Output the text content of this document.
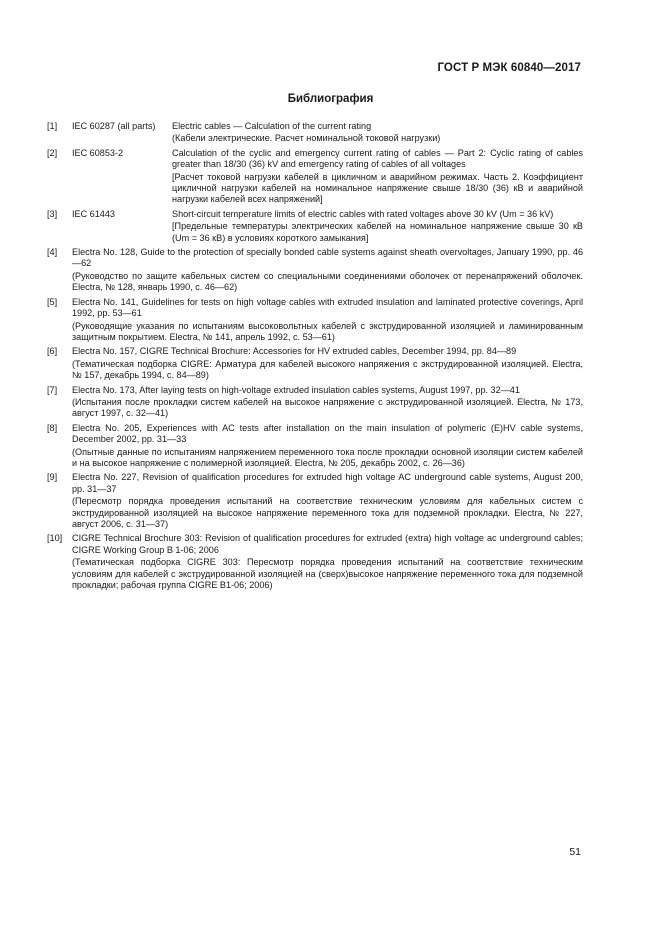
ГОСТ Р МЭК 60840—2017
Библиография
[1]	IEC 60287 (all parts)	Electric cables — Calculation of the current rating

(Кабели электрические. Расчет номинальной токовой нагрузки)

[2]	IEC 60853-2	Calculation of the cyclic and emergency current rating of cables — Part 2: Cyclic rating of cables greater than 18/30 (36) kV and emergency rating of cables of all voltages

[Расчет токовой нагрузки кабелей в цикличном и аварийном режимах. Часть 2. Коэффициент цикличной нагрузки кабелей на номинальное напряжение свыше 18/30 (36) кВ и аварийной нагрузки кабелей всех напряжений]

[3]	IEC 61443	Short-circuit temperature limits of electric cables with rated voltages above 30 kV (Um = 36 kV)

[Предельные температуры электрических кабелей на номинальное напряжение свыше 30 кВ (Um = 36 кВ) в условиях короткого замыкания]

[4]	Electra No. 128, Guide to the protection of specially bonded cable systems against sheath overvoltages, January 1990, pp. 46—62

(Руководство по защите кабельных систем со специальными соединениями оболочек от перенапряжений оболочек. Electra, № 128, январь 1990, с. 46—62)

[5]	Electra No. 141, Guidelines for tests on high voltage cables with extruded insulation and laminated protective coverings, April 1992, pp. 53—61

(Руководящие указания по испытаниям высоковольтных кабелей с экструдированной изоляцией и ламинированным защитным покрытием. Electra, № 141, апрель 1992, с. 53—61)

[6]	Electra No. 157, CIGRE Technical Brochure: Accessories for HV extruded cables, December 1994, pp. 84—89

(Тематическая подборка CIGRE: Арматура для кабелей высокого напряжения с экструдированной изоляцией. Electra, № 157, декабрь 1994, с. 84—89)

[7]	Electra No. 173, After laying tests on high-voltage extruded insulation cables systems, August 1997, pp. 32—41

(Испытания после прокладки систем кабелей на высокое напряжение с экструдированной изоляцией. Electra, № 173, август 1997, с. 32—41)

[8]	Electra No. 205, Experiences with AC tests after installation on the main insulation of polymeric (E)HV cable systems, December 2002, pp. 31—33

(Опытные данные по испытаниям напряжением переменного тока после прокладки основной изоляции систем кабелей и на высокое напряжение с полимерной изоляцией. Electra, № 205, декабрь 2002, с. 26—36)

[9]	Electra No. 227, Revision of qualification procedures for extruded high voltage AC underground cable systems, August 200, pp. 31—37

(Пересмотр порядка проведения испытаний на соответствие техническим условиям для кабельных систем с экструдированной изоляцией на высокое напряжение переменного тока для подземной прокладки. Electra, № 227, август 2006, с. 31—37)

[10]	CIGRE Technical Brochure 303: Revision of qualification procedures for extruded (extra) high voltage ac underground cables; CIGRE Working Group B 1-06; 2006

(Тематическая подборка CIGRE 303: Пересмотр порядка проведения испытаний на соответствие техническим условиям для кабелей с экструдированной изоляцией на (сверх)высокое напряжение переменного тока для подземной прокладки; рабочая группа CIGRE B1-06; 2006)

51
